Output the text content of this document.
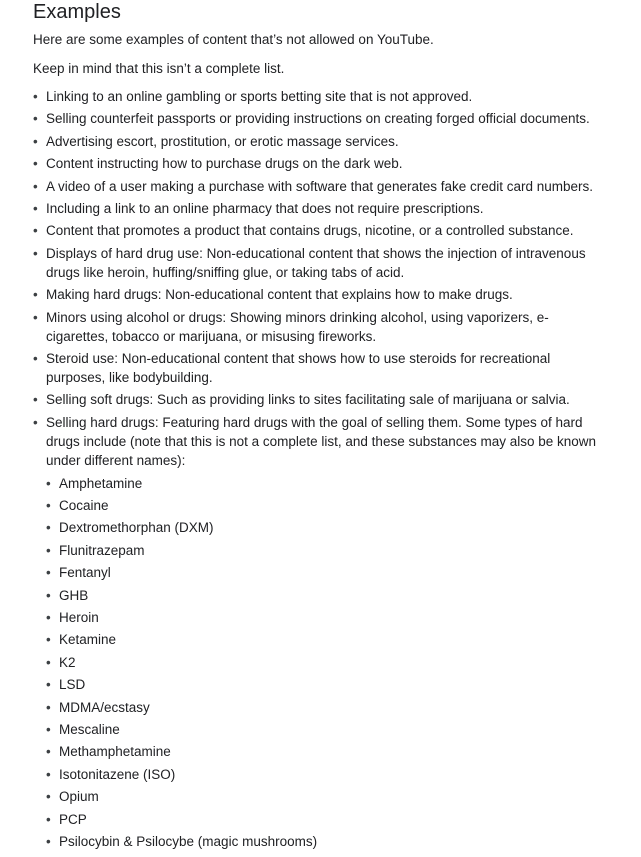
Examples

Here are some examples of content that’s not allowed on YouTube.

Keep in mind that this isn’t a complete list.

• Linking to an online gambling or sports betting site that is not approved.
• Selling counterfeit passports or providing instructions on creating forged official documents.
• Advertising escort, prostitution, or erotic massage services.
• Content instructing how to purchase drugs on the dark web.
• A video of a user making a purchase with software that generates fake credit card numbers.
• Including a link to an online pharmacy that does not require prescriptions.
• Content that promotes a product that contains drugs, nicotine, or a controlled substance.
• Displays of hard drug use: Non-educational content that shows the injection of intravenous drugs like heroin, huffing/sniffing glue, or taking tabs of acid.
• Making hard drugs: Non-educational content that explains how to make drugs.
• Minors using alcohol or drugs: Showing minors drinking alcohol, using vaporizers, e-cigarettes, tobacco or marijuana, or misusing fireworks.
• Steroid use: Non-educational content that shows how to use steroids for recreational purposes, like bodybuilding.
• Selling soft drugs: Such as providing links to sites facilitating sale of marijuana or salvia.
• Selling hard drugs: Featuring hard drugs with the goal of selling them. Some types of hard drugs include (note that this is not a complete list, and these substances may also be known under different names):
• Amphetamine
• Cocaine
• Dextromethorphan (DXM)
• Flunitrazepam
• Fentanyl
• GHB
• Heroin
• Ketamine
• K2
• LSD
• MDMA/ecstasy
• Mescaline
• Methamphetamine
• Isotonitazene (ISO)
• Opium
• PCP
• Psilocybin & Psilocybe (magic mushrooms)
